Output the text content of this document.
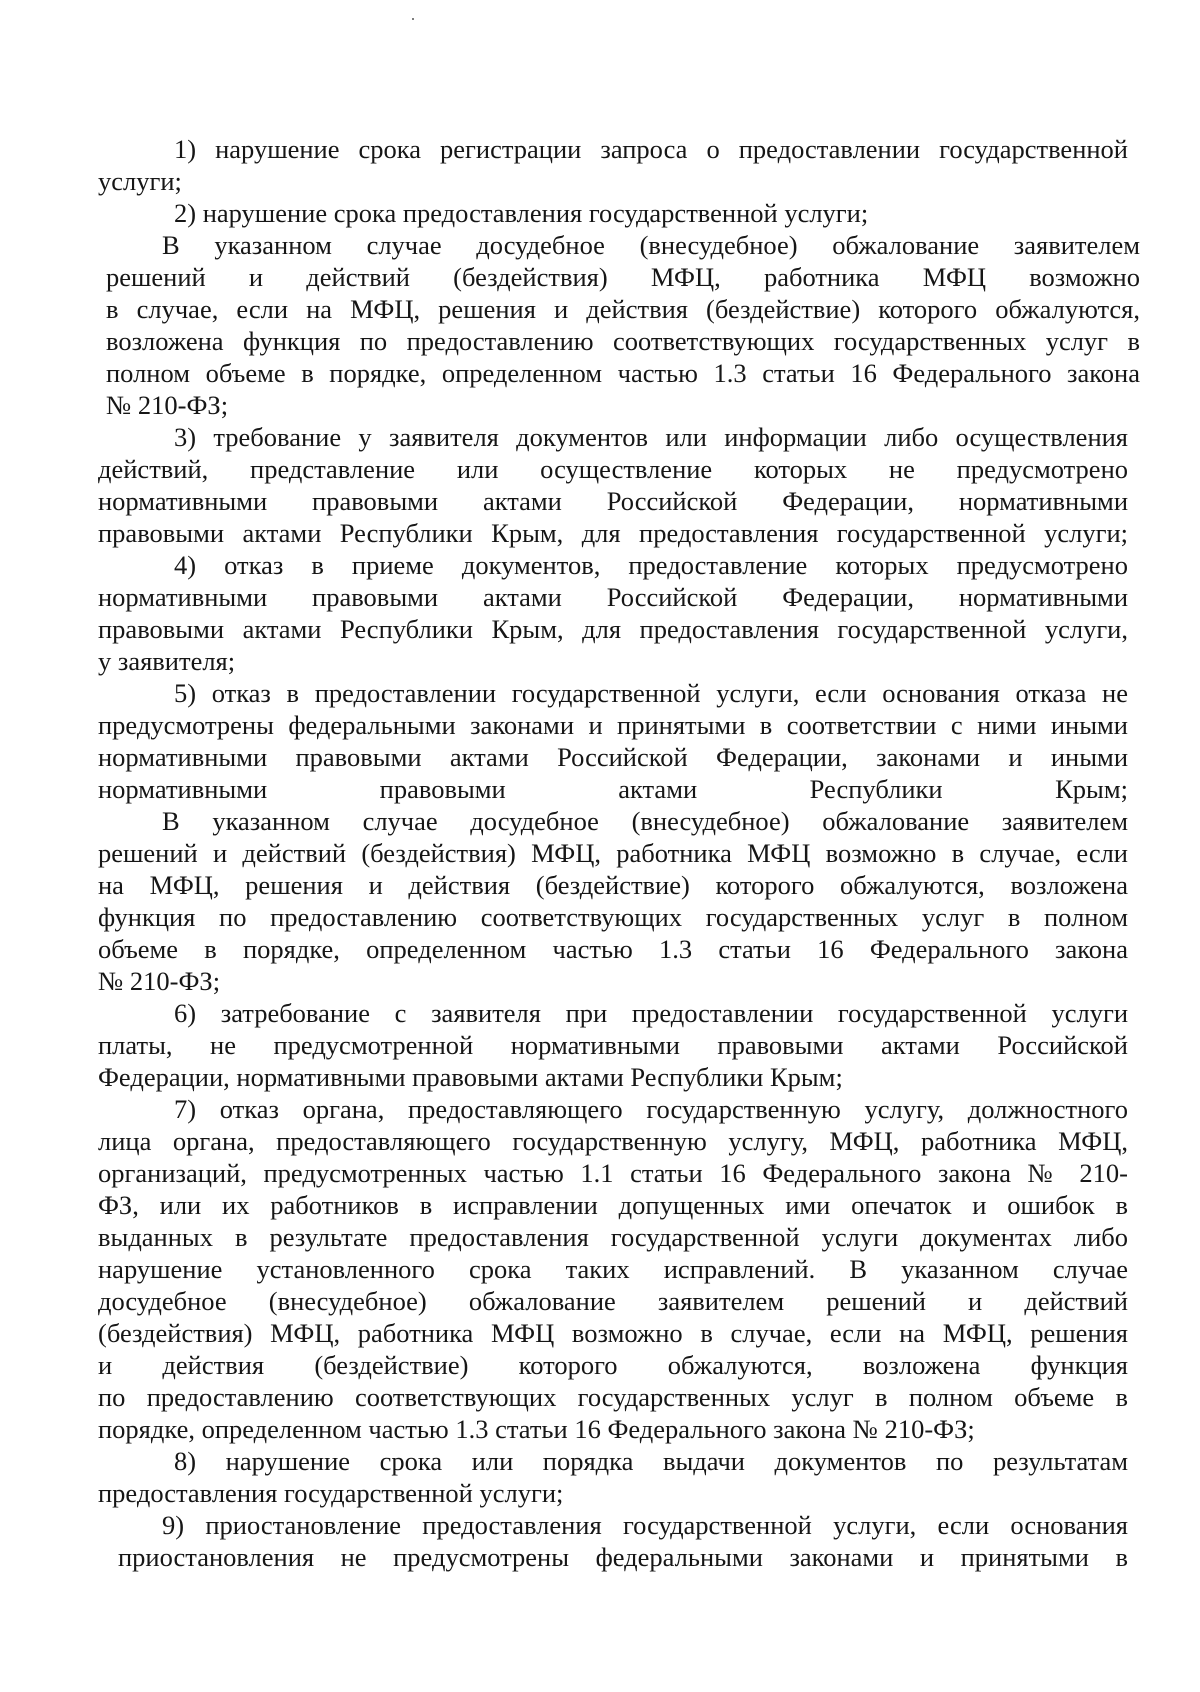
1) нарушение срока регистрации запроса о предоставлении государственной
услуги;
2) нарушение срока предоставления государственной услуги;
В указанном случае досудебное (внесудебное) обжалование заявителем
решений и действий (бездействия) МФЦ, работника МФЦ возможно
в случае, если на МФЦ, решения и действия (бездействие) которого обжалуются,
возложена функция по предоставлению соответствующих государственных услуг в
полном объеме в порядке, определенном частью 1.3 статьи 16 Федерального закона
№ 210-ФЗ;
3) требование у заявителя документов или информации либо осуществления
действий, представление или осуществление которых не предусмотрено
нормативными правовыми актами Российской Федерации, нормативными
правовыми актами Республики Крым, для предоставления государственной услуги;
4) отказ в приеме документов, предоставление которых предусмотрено
нормативными правовыми актами Российской Федерации, нормативными
правовыми актами Республики Крым, для предоставления государственной услуги,
у заявителя;
5) отказ в предоставлении государственной услуги, если основания отказа не
предусмотрены федеральными законами и принятыми в соответствии с ними иными
нормативными правовыми актами Российской Федерации, законами и иными
нормативными правовыми актами Республики Крым;
В указанном случае досудебное (внесудебное) обжалование заявителем
решений и действий (бездействия) МФЦ, работника МФЦ возможно в случае, если
на МФЦ, решения и действия (бездействие) которого обжалуются, возложена
функция по предоставлению соответствующих государственных услуг в полном
объеме в порядке, определенном частью 1.3 статьи 16 Федерального закона
№ 210-ФЗ;
6) затребование с заявителя при предоставлении государственной услуги
платы, не предусмотренной нормативными правовыми актами Российской
Федерации, нормативными правовыми актами Республики Крым;
7) отказ органа, предоставляющего государственную услугу, должностного
лица органа, предоставляющего государственную услугу, МФЦ, работника МФЦ,
организаций, предусмотренных частью 1.1 статьи 16 Федерального закона № 210-
ФЗ, или их работников в исправлении допущенных ими опечаток и ошибок в
выданных в результате предоставления государственной услуги документах либо
нарушение установленного срока таких исправлений. В указанном случае
досудебное (внесудебное) обжалование заявителем решений и действий
(бездействия) МФЦ, работника МФЦ возможно в случае, если на МФЦ, решения
и действия (бездействие) которого обжалуются, возложена функция
по предоставлению соответствующих государственных услуг в полном объеме в
порядке, определенном частью 1.3 статьи 16 Федерального закона № 210-ФЗ;
8) нарушение срока или порядка выдачи документов по результатам
предоставления государственной услуги;
9) приостановление предоставления государственной услуги, если основания
приостановления не предусмотрены федеральными законами и принятыми в
